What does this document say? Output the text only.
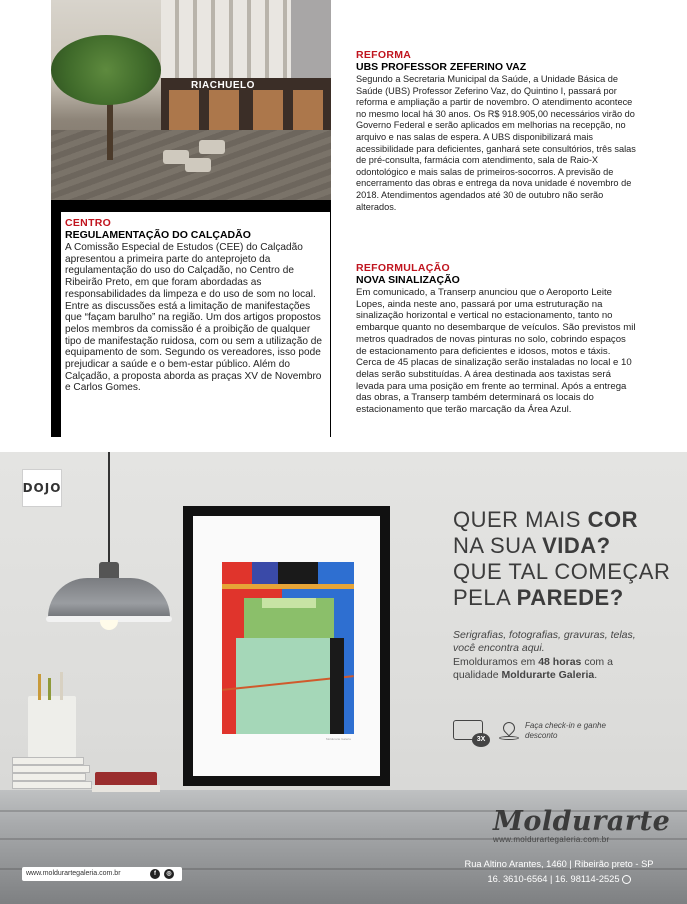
RIACHUELO
CENTRO
REGULAMENTAÇÃO DO CALÇADÃO
A Comissão Especial de Estudos (CEE) do Calçadão apresentou a primeira parte do anteprojeto da regulamentação do uso do Calçadão, no Centro de Ribeirão Preto, em que foram abordadas as responsabilidades da limpeza e do uso de som no local. Entre as discussões está a limitação de manifestações que “façam barulho” na região. Um dos artigos propostos pelos membros da comissão é a proibição de qualquer tipo de manifestação ruidosa, com ou sem a utilização de equipamento de som. Segundo os vereadores, isso pode prejudicar a saúde e o bem-estar público. Além do Calçadão, a proposta aborda as praças XV de Novembro e Carlos Gomes.
REFORMA
UBS PROFESSOR ZEFERINO VAZ
Segundo a Secretaria Municipal da Saúde, a Unidade Básica de Saúde (UBS) Professor Zeferino Vaz, do Quintino I, passará por reforma e ampliação a partir de novembro. O atendimento acontece no mesmo local há 30 anos. Os R$ 918.905,00 necessários virão do Governo Federal e serão aplicados em melhorias na recepção, no arquivo e nas salas de espera. A UBS disponibilizará mais acessibilidade para deficientes, ganhará sete consultórios, três salas de pré-consulta, farmácia com atendimento, sala de Raio-X odontológico e mais salas de primeiros-socorros. A previsão de encerramento das obras e entrega da nova unidade é novembro de 2018. Atendimentos agendados até 30 de outubro não serão alterados.
REFORMULAÇÃO
NOVA SINALIZAÇÃO
Em comunicado, a Transerp anunciou que o Aeroporto Leite Lopes, ainda neste ano, passará por uma estruturação na sinalização horizontal e vertical no estacionamento, tanto no embarque quanto no desembarque de veículos. São previstos mil metros quadrados de novas pinturas no solo, cobrindo espaços de estacionamento para deficientes e idosos, motos e táxis. Cerca de 45 placas de sinalização serão instaladas no local e 10 delas serão substituídas. A área destinada aos taxistas será levada para uma posição em frente ao terminal. Após a entrega das obras, a Transerp também determinará os locais do estacionamento que terão marcação da Área Azul.
DOJO
Moldurarte Galeria
QUER MAIS COR
NA SUA VIDA?
QUE TAL COMEÇAR
PELA PAREDE?
Serigrafias, fotografias, gravuras, telas, você encontra aqui.
Emolduramos em 48 horas com a qualidade Moldurarte Galeria.
3X
Faça check-in e ganhe desconto
Moldurarte
www.moldurartegaleria.com.br
Rua Altino Arantes, 1460 | Ribeirão preto - SP
16. 3610-6564 | 16. 98114-2525
www.moldurartegaleria.com.br	f	◎
